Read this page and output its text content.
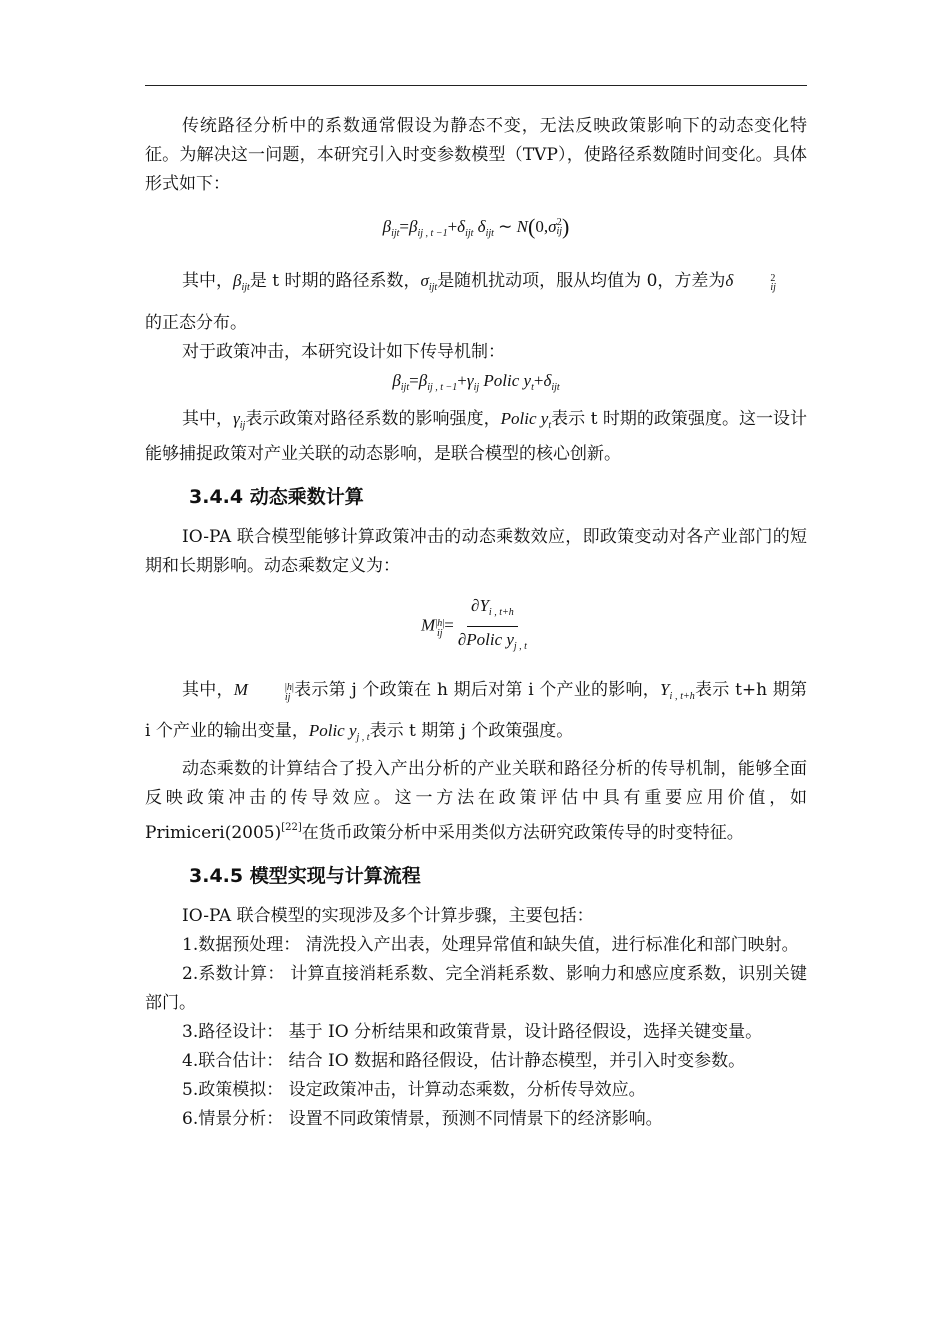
传统路径分析中的系数通常假设为静态不变，无法反映政策影响下的动态变化特征。为解决这一问题，本研究引入时变参数模型（TVP），使路径系数随时间变化。具体形式如下：

$\beta_{ijt}=\beta_{ij , t -1}+\delta_{ijt}$ $\delta_{ijt}$ ∼ N(0,σ 2
ij )

其中，$\beta_{ijt}$是 t 时期的路径系数，$\sigma_{ijt}$是随机扰动项，服从均值为 0，方差为δ	2
ij

的正态分布。

对于政策冲击，本研究设计如下传导机制：

$\beta_{ijt}=\beta_{ij , t -1}+\gamma_{ij}$ Polic $y_t+\delta_{ijt}$

其中，$\gamma_{ij}$表示政策对路径系数的影响强度，Polic $y_t$表示 t 时期的政策强度。这一设计能够捕捉政策对产业关联的动态影响，是联合模型的核心创新。

3.4.4 动态乘数计算

IO-PA 联合模型能够计算政策冲击的动态乘数效应，即政策变动对各产业部门的短期和长期影响。动态乘数定义为：

M |h|
ij = $\frac{\partial Y_{i , t+h}}{\partial Polic y_{j , t}}$

其中，M	|h|
ij 表示第 j 个政策在 h 期后对第 i 个产业的影响，$Y_{i , t+h}$表示 t+h 期第 i 个产业的输出变量，Polic $y_{j , t}$表示 t 期第 j 个政策强度。

动态乘数的计算结合了投入产出分析的产业关联和路径分析的传导机制，能够全面反映政策冲击的传导效应。这一方法在政策评估中具有重要应用价值，如 Primiceri(2005)[22]在货币政策分析中采用类似方法研究政策传导的时变特征。

3.4.5 模型实现与计算流程

IO-PA 联合模型的实现涉及多个计算步骤，主要包括：

1.数据预处理： 清洗投入产出表，处理异常值和缺失值，进行标准化和部门映射。

2.系数计算： 计算直接消耗系数、完全消耗系数、影响力和感应度系数，识别关键部门。

3.路径设计： 基于 IO 分析结果和政策背景，设计路径假设，选择关键变量。

4.联合估计： 结合 IO 数据和路径假设，估计静态模型，并引入时变参数。

5.政策模拟： 设定政策冲击，计算动态乘数，分析传导效应。

6.情景分析： 设置不同政策情景，预测不同情景下的经济影响。
